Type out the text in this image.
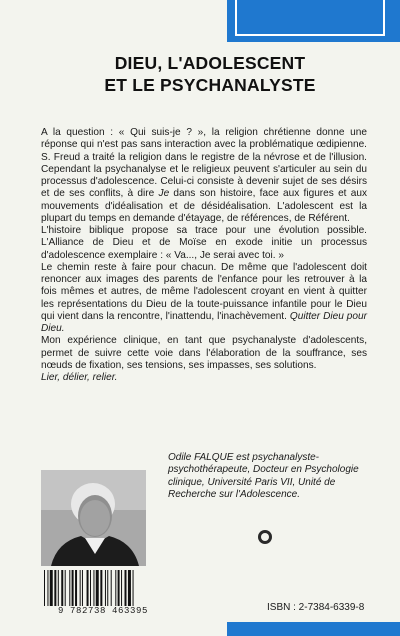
DIEU, L'ADOLESCENT
ET LE PSYCHANALYSTE

A la question : « Qui suis-je ? », la religion chrétienne donne une réponse qui n'est pas sans interaction avec la problématique œdipienne. S. Freud a traité la religion dans le registre de la névrose et de l'illusion. Cependant la psychanalyse et le religieux peuvent s'articuler au sein du processus d'adolescence. Celui-ci consiste à devenir sujet de ses désirs et de ses conflits, à dire Je dans son histoire, face aux figures et aux mouvements d'idéalisation et de désidéalisation. L'adolescent est la plupart du temps en demande d'étayage, de références, de Référent.

L'histoire biblique propose sa trace pour une évolution possible. L'Alliance de Dieu et de Moïse en exode initie un processus d'adolescence exemplaire : « Va..., Je serai avec toi. »

Le chemin reste à faire pour chacun. De même que l'adolescent doit renoncer aux images des parents de l'enfance pour les retrouver à la fois mêmes et autres, de même l'adolescent croyant en vient à quitter les représentations du Dieu de la toute-puissance infantile pour le Dieu qui vient dans la rencontre, l'inattendu, l'inachèvement. Quitter Dieu pour Dieu.

Mon expérience clinique, en tant que psychanalyste d'adolescents, permet de suivre cette voie dans l'élaboration de la souffrance, ses nœuds de fixation, ses tensions, ses impasses, ses solutions.

Lier, délier, relier.

Odile FALQUE est psychanalyste-psychothérapeute, Docteur en Psychologie clinique, Université Paris VII, Unité de Recherche sur l'Adolescence.
9 782738 463395	ISBN : 2-7384-6339-8
